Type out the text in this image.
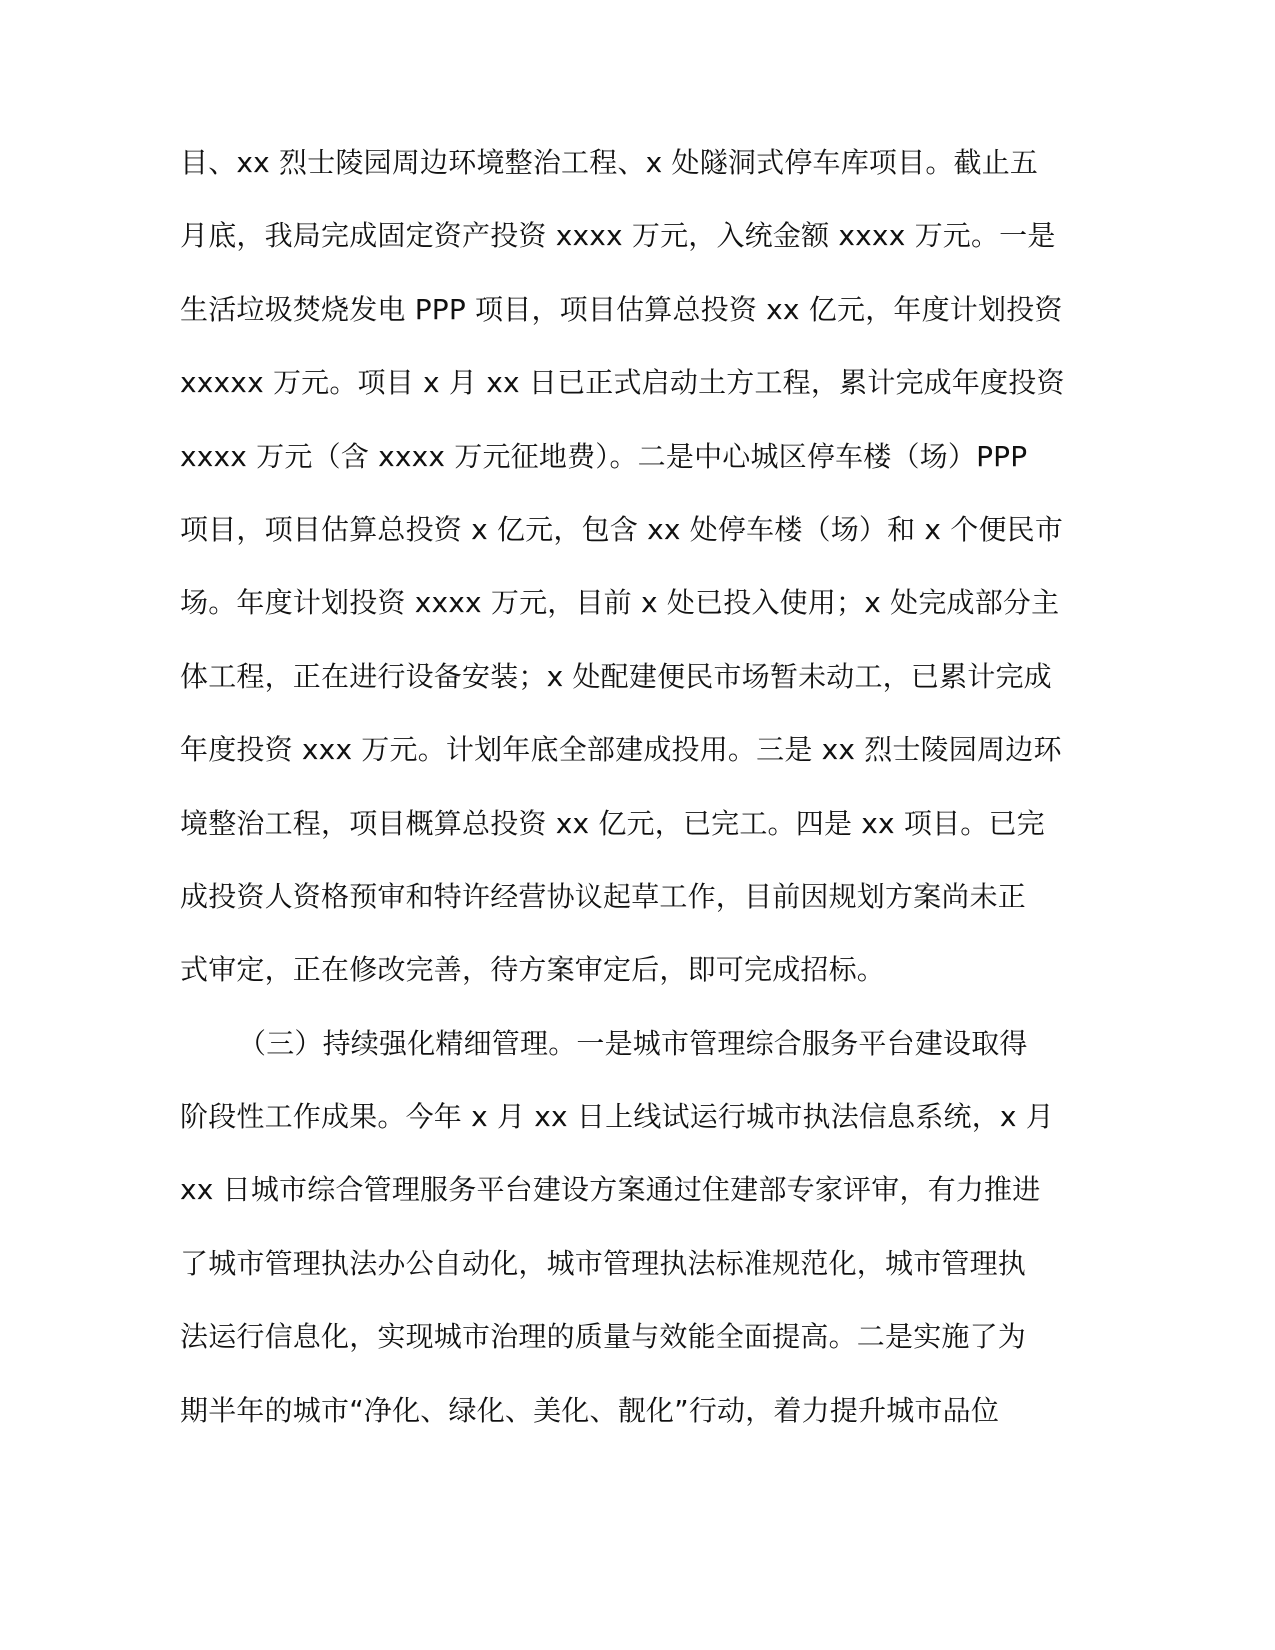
目、xx 烈士陵园周边环境整治工程、x 处隧洞式停车库项目。截止五
月底，我局完成固定资产投资 xxxx 万元，入统金额 xxxx 万元。一是
生活垃圾焚烧发电 PPP 项目，项目估算总投资 xx 亿元，年度计划投资
xxxxx 万元。项目 x 月 xx 日已正式启动土方工程，累计完成年度投资
xxxx 万元（含 xxxx 万元征地费）。二是中心城区停车楼（场）PPP
项目，项目估算总投资 x 亿元，包含 xx 处停车楼（场）和 x 个便民市
场。年度计划投资 xxxx 万元，目前 x 处已投入使用；x 处完成部分主
体工程，正在进行设备安装；x 处配建便民市场暂未动工，已累计完成
年度投资 xxx 万元。计划年底全部建成投用。三是 xx 烈士陵园周边环
境整治工程，项目概算总投资 xx 亿元，已完工。四是 xx 项目。已完
成投资人资格预审和特许经营协议起草工作，目前因规划方案尚未正
式审定，正在修改完善，待方案审定后，即可完成招标。
（三）持续强化精细管理。一是城市管理综合服务平台建设取得
阶段性工作成果。今年 x 月 xx 日上线试运行城市执法信息系统，x 月
xx 日城市综合管理服务平台建设方案通过住建部专家评审，有力推进
了城市管理执法办公自动化，城市管理执法标准规范化，城市管理执
法运行信息化，实现城市治理的质量与效能全面提高。二是实施了为
期半年的城市“净化、绿化、美化、靓化”行动，着力提升城市品位
